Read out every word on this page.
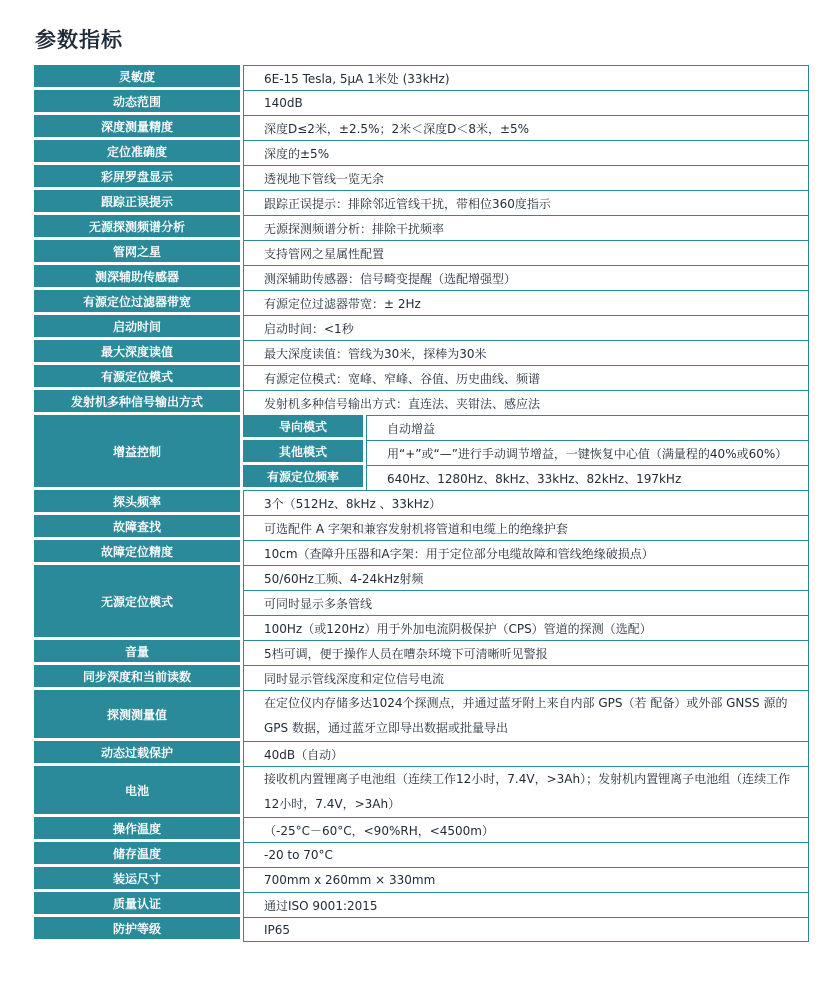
参数指标
灵敏度	6E-15 Tesla, 5μA 1米处 (33kHz)	
动态范围	140dB	
深度测量精度	深度D≤2米，±2.5%；2米＜深度D＜8米，±5%	
定位准确度	深度的±5%	
彩屏罗盘显示	透视地下管线一览无余	
跟踪正误提示	跟踪正误提示：排除邻近管线干扰，带相位360度指示	
无源探测频谱分析	无源探测频谱分析：排除干扰频率	
管网之星	支持管网之星属性配置	
测深辅助传感器	测深辅助传感器：信号畸变提醒（选配增强型）	
有源定位过滤器带宽	有源定位过滤器带宽：± 2Hz	
启动时间	启动时间：<1秒	
最大深度读值	最大深度读值：管线为30米，探棒为30米	
有源定位模式	有源定位模式：宽峰、窄峰、谷值、历史曲线、频谱	
发射机多种信号输出方式	发射机多种信号输出方式：直连法、夹钳法、感应法	
增益控制	导向模式	自动增益
	其他模式	用“+”或“—”进行手动调节增益，一键恢复中心值（满量程的40%或60%）
	有源定位频率	640Hz、1280Hz、8kHz、33kHz、82kHz、197kHz
探头频率	3个（512Hz、8kHz 、33kHz）	
故障查找	可选配件 A 字架和兼容发射机将管道和电缆上的绝缘护套	
故障定位精度	10cm（查障升压器和A字架：用于定位部分电缆故障和管线绝缘破损点）	
无源定位模式	50/60Hz工频、4-24kHz射频	
	可同时显示多条管线	
	100Hz（或120Hz）用于外加电流阴极保护（CPS）管道的探测（选配）	
音量	5档可调，便于操作人员在嘈杂环境下可清晰听见警报	
同步深度和当前读数	同时显示管线深度和定位信号电流	
探测测量值	在定位仪内存储多达1024个探测点，并通过蓝牙附上来自内部 GPS（若 配备）或外部 GNSS 源的 GPS 数据，通过蓝牙立即导出数据或批量导出	
动态过载保护	40dB（自动）	
电池	接收机内置锂离子电池组（连续工作12小时，7.4V，>3Ah）；发射机内置锂离子电池组（连续工作12小时，7.4V，>3Ah）	
操作温度	（-25°C－60°C，<90%RH，<4500m）	
储存温度	-20 to 70°C	
装运尺寸	700mm x 260mm × 330mm	
质量认证	通过ISO 9001:2015	
防护等级	IP65	
